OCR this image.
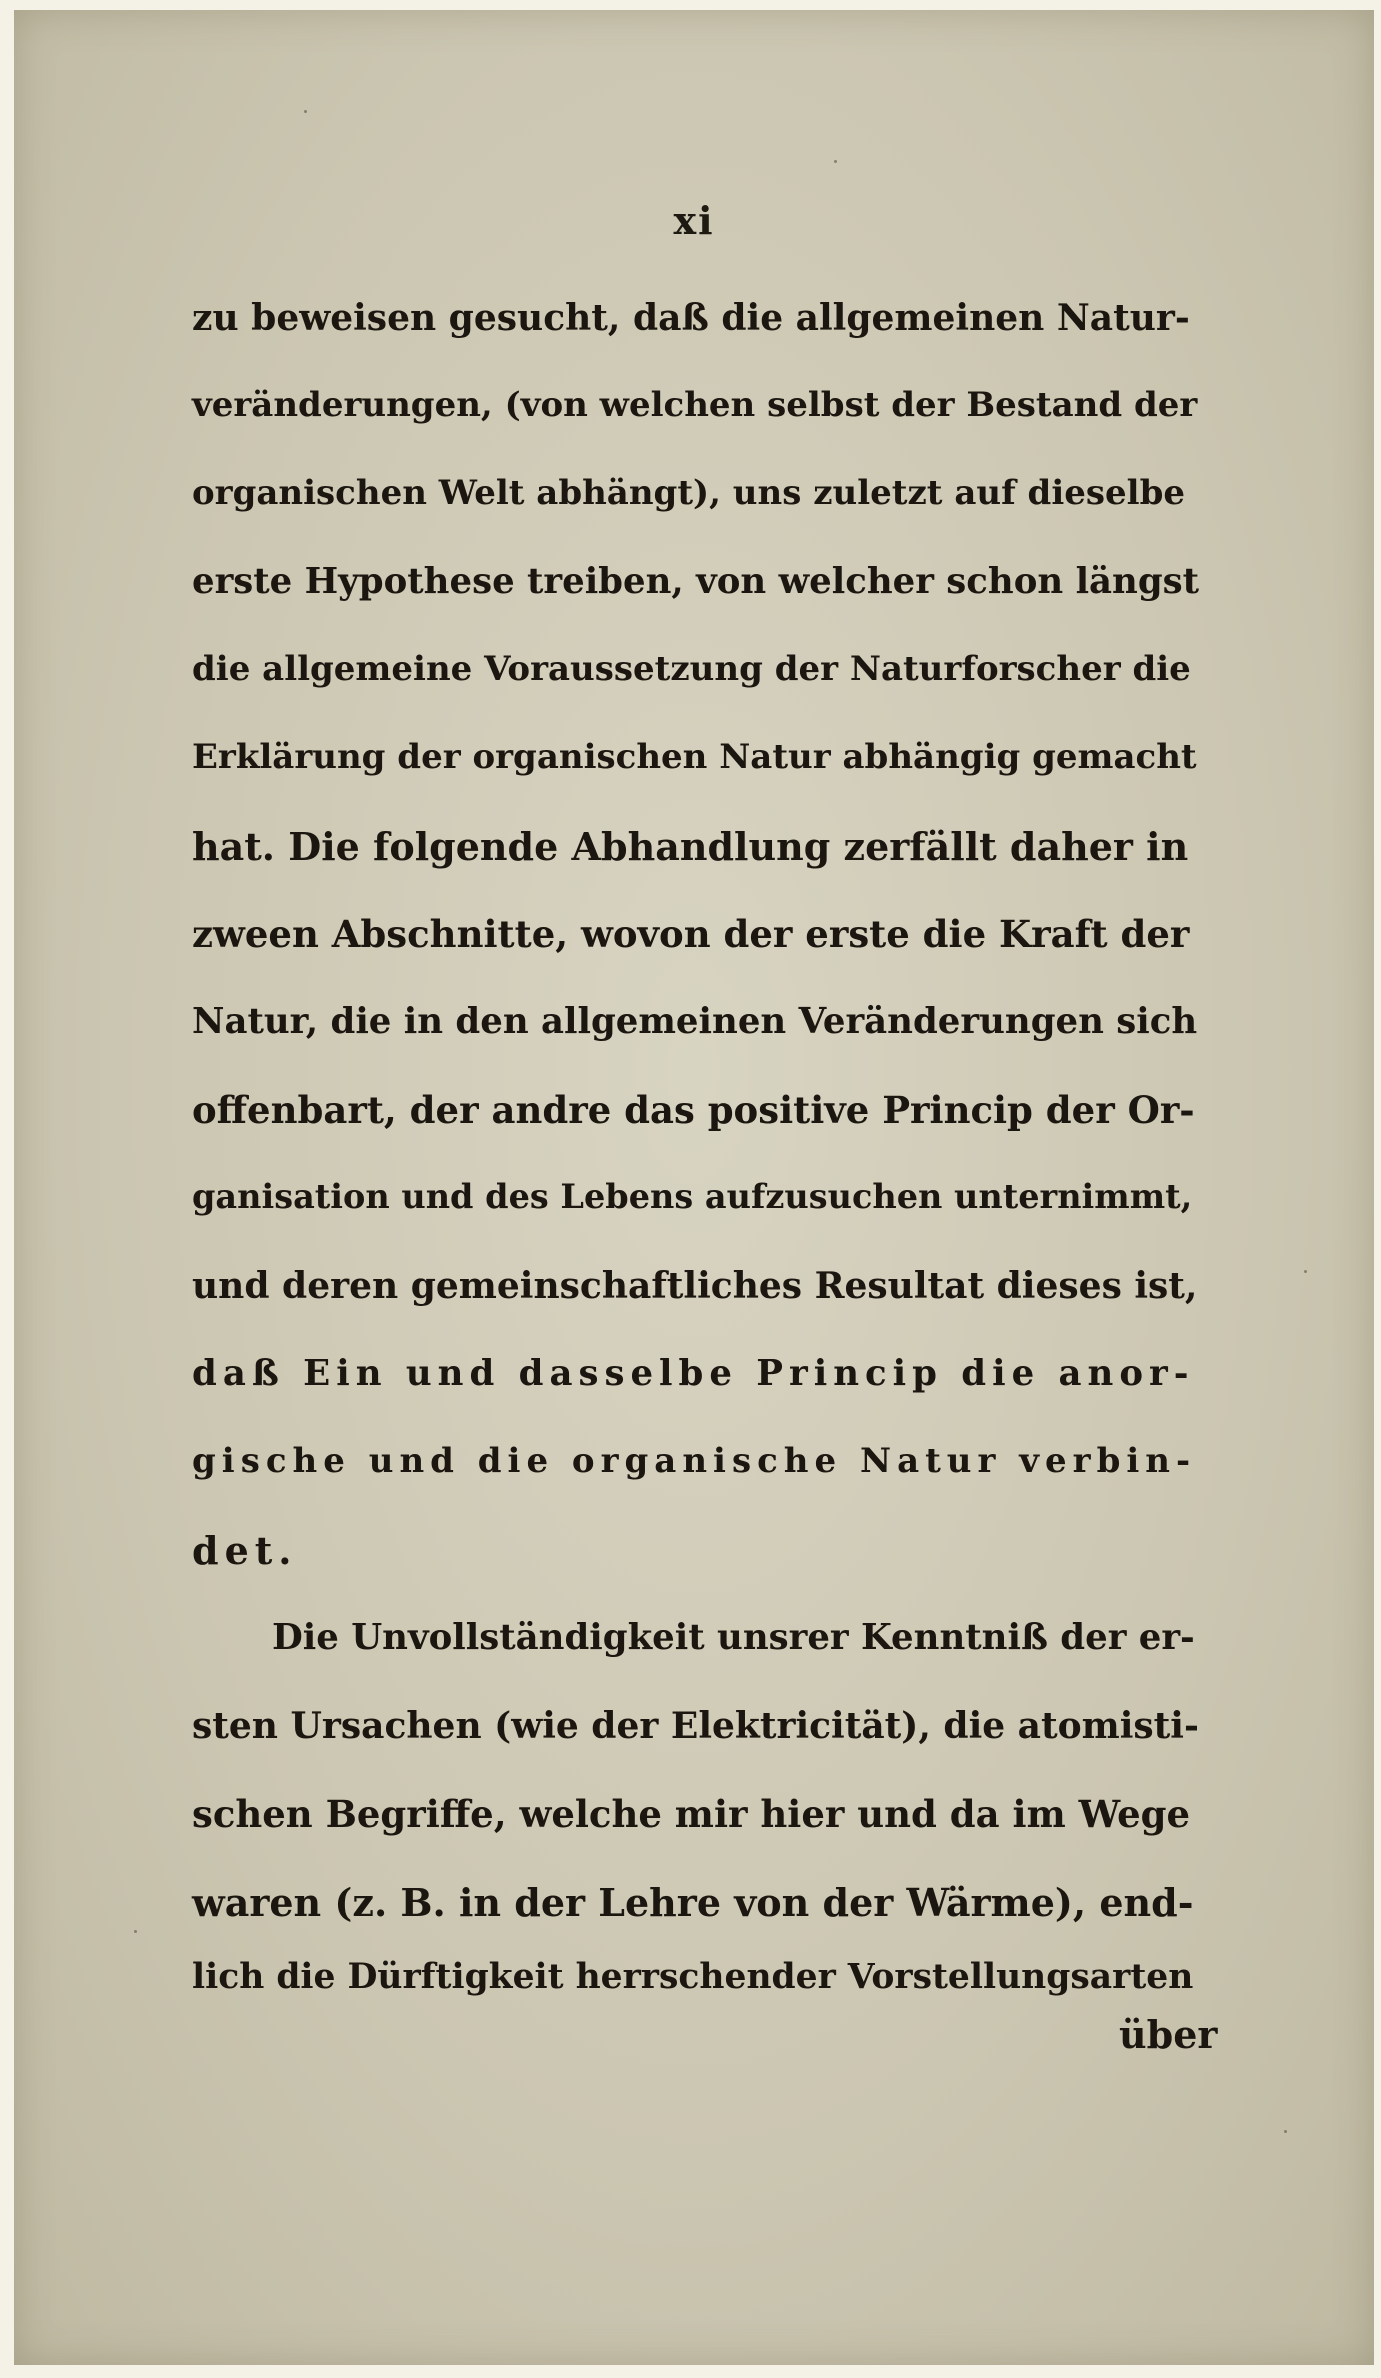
xi
zu beweisen gesucht, daß die allgemeinen Natur-
veränderungen, (von welchen selbst der Bestand der
organischen Welt abhängt), uns zuletzt auf dieselbe
erste Hypothese treiben, von welcher schon längst
die allgemeine Voraussetzung der Naturforscher die
Erklärung der organischen Natur abhängig gemacht
hat. Die folgende Abhandlung zerfällt daher in
zween Abschnitte, wovon der erste die Kraft der
Natur, die in den allgemeinen Veränderungen sich
offenbart, der andre das positive Princip der Or-
ganisation und des Lebens aufzusuchen unternimmt,
und deren gemeinschaftliches Resultat dieses ist,
daß Ein und dasselbe Princip die anor-
gische und die organische Natur verbin-
det.
Die Unvollständigkeit unsrer Kenntniß der er-
sten Ursachen (wie der Elektricität), die atomisti-
schen Begriffe, welche mir hier und da im Wege
waren (z. B. in der Lehre von der Wärme), end-
lich die Dürftigkeit herrschender Vorstellungsarten
über
